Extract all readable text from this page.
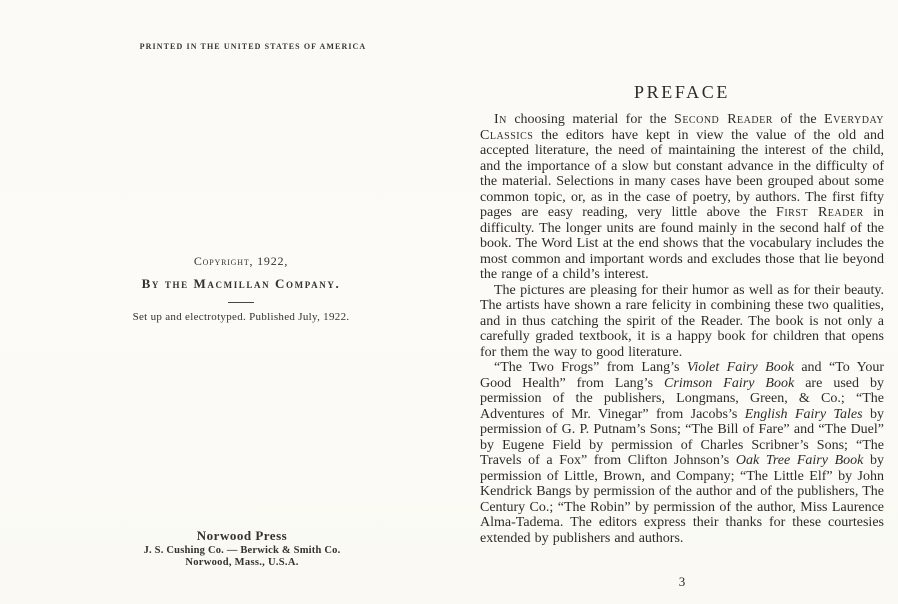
PRINTED IN THE UNITED STATES OF AMERICA
Copyright, 1922,
By the Macmillan Company.
Set up and electrotyped. Published July, 1922.
Norwood Press
J. S. Cushing Co. — Berwick & Smith Co.
Norwood, Mass., U.S.A.
PREFACE

In choosing material for the Second Reader of the Everyday Classics the editors have kept in view the value of the old and accepted literature, the need of maintaining the interest of the child, and the importance of a slow but constant advance in the difficulty of the material. Selections in many cases have been grouped about some common topic, or, as in the case of poetry, by authors. The first fifty pages are easy reading, very little above the First Reader in difficulty. The longer units are found mainly in the second half of the book. The Word List at the end shows that the vocabulary includes the most common and important words and excludes those that lie beyond the range of a child’s interest.

The pictures are pleasing for their humor as well as for their beauty. The artists have shown a rare felicity in combining these two qualities, and in thus catching the spirit of the Reader. The book is not only a carefully graded textbook, it is a happy book for children that opens for them the way to good literature.

“The Two Frogs” from Lang’s Violet Fairy Book and “To Your Good Health” from Lang’s Crimson Fairy Book are used by permission of the publishers, Longmans, Green, & Co.; “The Adventures of Mr. Vinegar” from Jacobs’s English Fairy Tales by permission of G. P. Putnam’s Sons; “The Bill of Fare” and “The Duel” by Eugene Field by permission of Charles Scribner’s Sons; “The Travels of a Fox” from Clifton Johnson’s Oak Tree Fairy Book by permission of Little, Brown, and Company; “The Little Elf” by John Kendrick Bangs by permission of the author and of the publishers, The Century Co.; “The Robin” by permission of the author, Miss Laurence Alma-Tadema. The editors express their thanks for these courtesies extended by publishers and authors.

3
